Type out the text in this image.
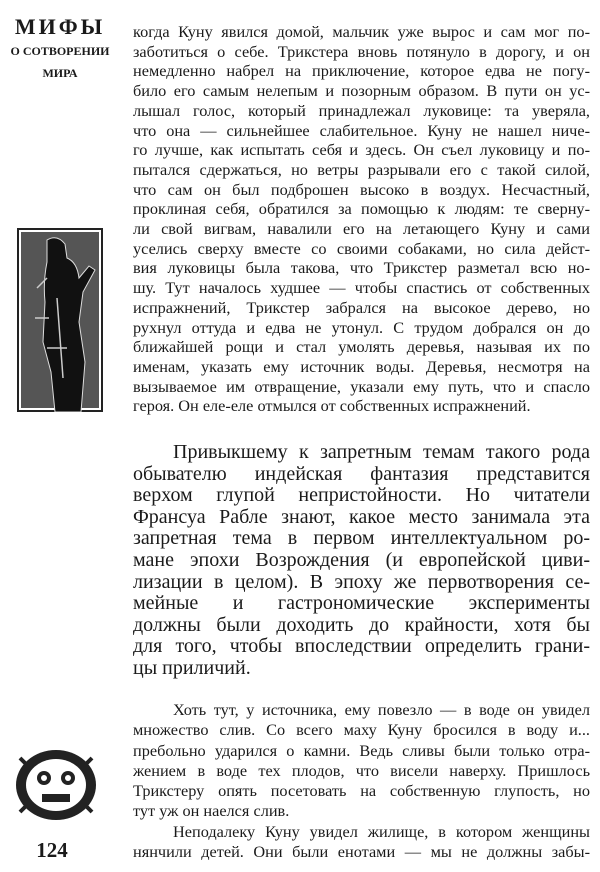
МИФЫ
О СОТВОРЕНИИ
МИРА
когда Куну явился домой, мальчик уже вырос и сам мог по-
заботиться о себе. Трикстера вновь потянуло в дорогу, и он
немедленно набрел на приключение, которое едва не погу-
било его самым нелепым и позорным образом. В пути он ус-
лышал голос, который принадлежал луковице: та уверяла,
что она — сильнейшее слабительное. Куну не нашел ниче-
го лучше, как испытать себя и здесь. Он съел луковицу и по-
пытался сдержаться, но ветры разрывали его с такой силой,
что сам он был подброшен высоко в воздух. Несчастный,
проклиная себя, обратился за помощью к людям: те сверну-
ли свой вигвам, навалили его на летающего Куну и сами
уселись сверху вместе со своими собаками, но сила дейст-
вия луковицы была такова, что Трикстер разметал всю но-
шу. Тут началось худшее — чтобы спастись от собственных
испражнений, Трикстер забрался на высокое дерево, но
рухнул оттуда и едва не утонул. С трудом добрался он до
ближайшей рощи и стал умолять деревья, называя их по
именам, указать ему источник воды. Деревья, несмотря на
вызываемое им отвращение, указали ему путь, что и спасло
героя. Он еле-еле отмылся от собственных испражнений.
Привыкшему к запретным темам такого рода
обывателю индейская фантазия представится
верхом глупой непристойности. Но читатели
Франсуа Рабле знают, какое место занимала эта
запретная тема в первом интеллектуальном ро-
мане эпохи Возрождения (и европейской циви-
лизации в целом). В эпоху же первотворения се-
мейные и гастрономические эксперименты
должны были доходить до крайности, хотя бы
для того, чтобы впоследствии определить грани-
цы приличий.
Хоть тут, у источника, ему повезло — в воде он увидел
множество слив. Со всего маху Куну бросился в воду и...
пребольно ударился о камни. Ведь сливы были только отра-
жением в воде тех плодов, что висели наверху. Пришлось
Трикстеру опять посетовать на собственную глупость, но
тут уж он наелся слив.
Неподалеку Куну увидел жилище, в котором женщины
нянчили детей. Они были енотами — мы не должны забы-
124
